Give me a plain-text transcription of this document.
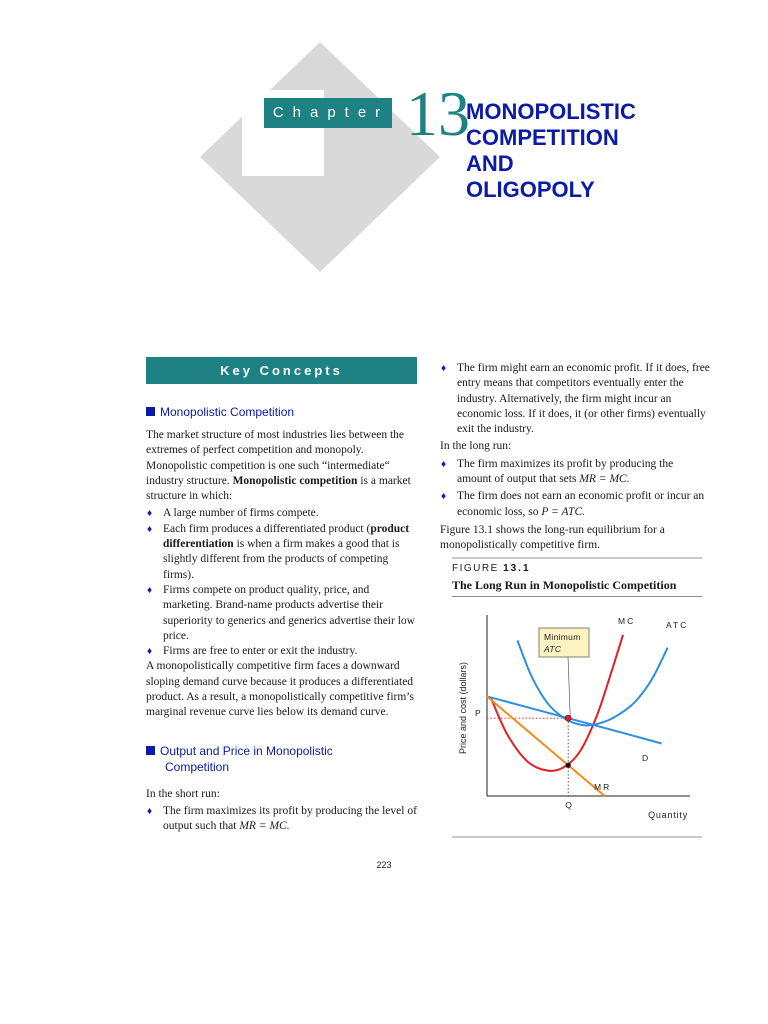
Chapter 13
MONOPOLISTIC
COMPETITION
AND
OLIGOPOLY
Key Concepts
Monopolistic Competition
The market structure of most industries lies between the extremes of perfect competition and monopoly. Monopolistic competition is one such “intermediate“ industry structure. Monopolistic competition is a market structure in which:
♦ A large number of firms compete.
♦ Each firm produces a differentiated product (product differentiation is when a firm makes a good that is slightly different from the products of competing firms).
♦ Firms compete on product quality, price, and marketing. Brand-name products advertise their superiority to generics and generics advertise their low price.
♦ Firms are free to enter or exit the industry.
A monopolistically competitive firm faces a downward sloping demand curve because it produces a differentiated product. As a result, a monopolistically competitive firm’s marginal revenue curve lies below its demand curve.
Output and Price in Monopolistic
Competition
In the short run:
♦ The firm maximizes its profit by producing the level of output such that MR = MC.
♦ The firm might earn an economic profit. If it does, free entry means that competitors eventually enter the industry. Alternatively, the firm might incur an economic loss. If it does, it (or other firms) eventually exit the industry.
In the long run:
♦ The firm maximizes its profit by producing the amount of output that sets MR = MC.
♦ The firm does not earn an economic profit or incur an economic loss, so P = ATC.
Figure 13.1 shows the long-run equilibrium for a monopolistically competitive firm.
FIGURE 13.1
The Long Run in Monopolistic Competition
Price and cost (dollars)
Quantity
MC	ATC
D
MR
P
Q
Minimum ATC
223
